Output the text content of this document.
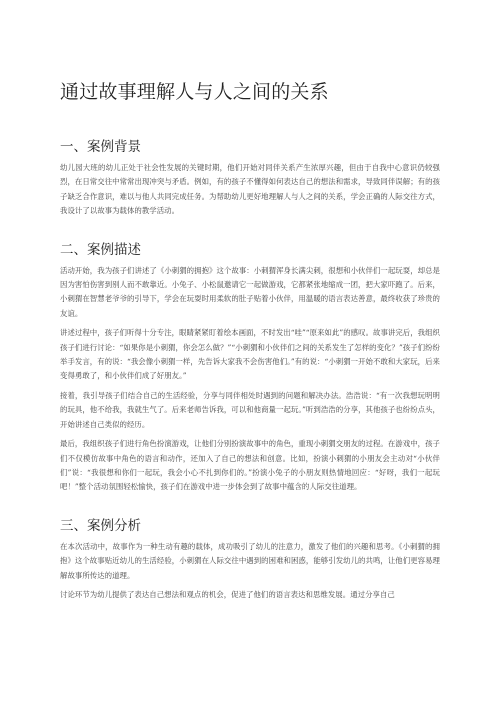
通过故事理解人与人之间的关系
一、案例背景

幼儿园大班的幼儿正处于社会性发展的关键时期，他们开始对同伴关系产生浓厚兴趣，但由于自我中心意识仍较强烈，在日常交往中常常出现冲突与矛盾。例如，有的孩子不懂得如何表达自己的想法和需求，导致同伴误解；有的孩子缺乏合作意识，难以与他人共同完成任务。为帮助幼儿更好地理解人与人之间的关系，学会正确的人际交往方式，我设计了以故事为载体的教学活动。

二、案例描述

活动开始，我为孩子们讲述了《小刺猬的拥抱》这个故事：小刺猬浑身长满尖刺，很想和小伙伴们一起玩耍，却总是因为害怕伤害到别人而不敢靠近。小兔子、小松鼠邀请它一起做游戏，它都紧张地缩成一团，把大家吓跑了。后来，小刺猬在智慧老爷爷的引导下，学会在玩耍时用柔软的肚子贴着小伙伴，用温暖的语言表达善意，最终收获了珍贵的友谊。

讲述过程中，孩子们听得十分专注，眼睛紧紧盯着绘本画面，不时发出“哇”“原来如此”的感叹。故事讲完后，我组织孩子们进行讨论：“如果你是小刺猬，你会怎么做？”“小刺猬和小伙伴们之间的关系发生了怎样的变化？”孩子们纷纷举手发言，有的说：“我会像小刺猬一样，先告诉大家我不会伤害他们。”有的说：“小刺猬一开始不敢和大家玩，后来变得勇敢了，和小伙伴们成了好朋友。”

接着，我引导孩子们结合自己的生活经验，分享与同伴相处时遇到的问题和解决办法。浩浩说：“有一次我想玩明明的玩具，他不给我，我就生气了。后来老师告诉我，可以和他商量一起玩。”听到浩浩的分享，其他孩子也纷纷点头，开始讲述自己类似的经历。

最后，我组织孩子们进行角色扮演游戏，让他们分别扮演故事中的角色，重现小刺猬交朋友的过程。在游戏中，孩子们不仅模仿故事中角色的语言和动作，还加入了自己的想法和创意。比如，扮演小刺猬的小朋友会主动对“小伙伴们”说：“我很想和你们一起玩，我会小心不扎到你们的。”扮演小兔子的小朋友则热情地回应：“好呀，我们一起玩吧！”整个活动氛围轻松愉快，孩子们在游戏中进一步体会到了故事中蕴含的人际交往道理。

三、案例分析

在本次活动中，故事作为一种生动有趣的载体，成功吸引了幼儿的注意力，激发了他们的兴趣和思考。《小刺猬的拥抱》这个故事贴近幼儿的生活经验，小刺猬在人际交往中遇到的困难和困惑，能够引发幼儿的共鸣，让他们更容易理解故事所传达的道理。

讨论环节为幼儿提供了表达自己想法和观点的机会，促进了他们的语言表达和思维发展。通过分享自己
